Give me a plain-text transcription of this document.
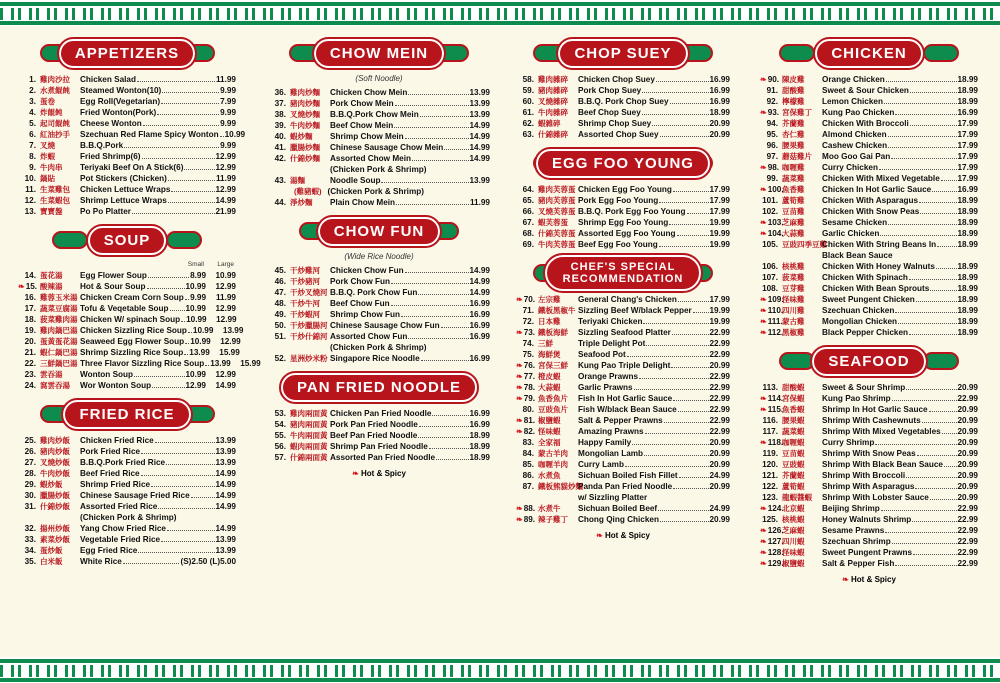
APPETIZERS
1. 雞肉沙拉	Chicken Salad	11.99
2. 水煮餛飩	Steamed Wonton(10)	9.99
3. 蛋卷	Egg Roll(Vegetarian)	7.99
4. 炸餛飩	Fried Wonton(Pork)	9.99
5. 起司餛飩	Cheese Wonton	9.99
6. 紅油抄手	Szechuan Red Flame Spicy Wonton 10.99
7. 叉燒	B.B.Q.Pork	9.99
8. 炸蝦	Fried Shrimp(6)	12.99
9. 牛肉串	Teriyaki Beef On A Stick(6)	12.99
10. 鍋貼	Pot Stickers (Chicken)	11.99
11. 生菜雞包	Chicken Lettuce Wraps	12.99
12. 生菜蝦包	Shrimp Lettuce Wraps	14.99
13. 寶寶盤	Po Po Platter	21.99
SOUP
Small	Large
14. 蛋花湯	Egg Flower Soup	8.99	10.99
❧15. 酸辣湯	Hot & Sour Soup	10.99	12.99
16. 雞蓉玉米湯 Chicken Cream Corn Soup 9.99	11.99
17. 蔬菜豆腐湯 Tofu & Veqetable Soup 10.99	12.99
18. 菠菜雞肉湯 Chicken W/ spinach Soup 10.99	12.99
19. 雞肉鍋巴湯 Chicken Sizzling Rice Soup 10.99	13.99
20. 蛋黃蛋花湯 Seaweed Egg Flower Soup 10.99	12.99
21. 蝦仁鍋巴湯 Shrimp Sizzling Rice Soup 13.99	15.99
22. 三鮮鍋巴湯 Three Flavor Sizzling Rice Soup 13.99	15.99
23. 雲吞湯	Wonton Soup	10.99	12.99
24. 窩雲吞湯	Wor Wonton Soup	12.99	14.99
FRIED RICE
25. 雞肉炒飯	Chicken Fried Rice	13.99
26. 豬肉炒飯	Pork Fried Rice	13.99
27. 叉燒炒飯	B.B.Q.Pork Fried Rice	13.99
28. 牛肉炒飯	Beef Fried Rice	14.99
29. 蝦炒飯	Shrimp Fried Rice	14.99
30. 臘腸炒飯	Chinese Sausage Fried Rice	14.99
31. 什錦炒飯	Assorted Fried Rice	14.99
(Chicken Pork & Shrimp)
32. 揚州炒飯	Yang Chow Fried Rice	14.99
33. 素菜炒飯	Vegetable Fried Rice	13.99
34. 蛋炒飯	Egg Fried Rice	13.99
35. 白米飯	White Rice	(S)2.50 (L)5.00
CHOW MEIN
(Soft Noodle)
36. 雞肉炒麵	Chicken Chow Mein	13.99
37. 豬肉炒麵	Pork Chow Mein	13.99
38. 叉燒炒麵	B.B.Q.Pork Chow Mein	13.99
39. 牛肉炒麵	Beef Chow Mein	14.99
40. 蝦炒麵	Shrimp Chow Mein	14.99
41. 臘腸炒麵	Chinese Sausage Chow Mein	14.99
42. 什錦炒麵	Assorted Chow Mein	14.99
(Chicken Pork & Shrimp)
43. 湯麵	Noodle Soup	13.99
(雞豬蝦) (Chicken Pork & Shrimp)
44. 淨炒麵	Plain Chow Mein	11.99
CHOW FUN
(Wide Rice Noodle)
45. 干炒雞河	Chicken Chow Fun	14.99
46. 干炒豬河	Pork Chow Fun	14.99
47. 干炒叉燒河 B.B.Q. Pork Chow Fun	14.99
48. 干炒牛河	Beef Chow Fun	16.99
49. 干炒蝦河	Shrimp Chow Fun	16.99
50. 干炒臘腸河 Chinese Sausage Chow Fun	16.99
51. 干炒什錦河 Assorted Chow Fun	16.99
(Chicken Pork & Shrimp)
52. 星洲炒米粉 Singapore Rice Noodle	16.99
PAN FRIED NOODLE
53. 雞肉兩面黃 Chicken Pan Fried Noodle	16.99
54. 豬肉兩面黃 Pork Pan Fried Noodle	16.99
55. 牛肉兩面黃 Beef Pan Fried Noodle	18.99
56. 蝦肉兩面黃 Shrimp Pan Fried Noodle	18.99
57. 什錦兩面黃 Assorted Pan Fried Noodle	18.99
❧ Hot & Spicy
CHOP SUEY
58. 雞肉雜碎	Chicken Chop Suey	16.99
59. 豬肉雜碎	Pork Chop Suey	16.99
60. 叉燒雜碎	B.B.Q. Pork Chop Suey	16.99
61. 牛肉雜碎	Beef Chop Suey	18.99
62. 蝦雜碎	Shrimp Chop Suey	20.99
63. 什錦雜碎	Assorted Chop Suey	20.99
EGG FOO YOUNG
64. 雞肉芙蓉蛋 Chicken Egg Foo Young	17.99
65. 豬肉芙蓉蛋 Pork Egg Foo Young	17.99
66. 叉燒芙蓉蛋 B.B.Q. Pork Egg Foo Young	17.99
67. 蝦芙蓉蛋	Shrimp Egg Foo Young	19.99
68. 什錦芙蓉蛋 Assorted Egg Foo Young	19.99
69. 牛肉芙蓉蛋 Beef Egg Foo Young	19.99
CHEF'S SPECIAL
RECOMMENDATION
❧70. 左宗雞	General Chang's Chicken	17.99
71. 鐵板黑椒牛 Sizzling Beef W/black Pepper 19.99
72. 日本雞	Teriyaki Chicken	19.99
❧73. 鐵板海鮮	Sizzling Seafood Platter	22.99
74. 三鮮	Triple Delight Pot	22.99
75. 海鮮煲	Seafood Pot	22.99
❧76. 宮保三鮮	Kung Pao Triple Delight	20.99
❧77. 橙皮蝦	Orange Prawns	22.99
❧78. 大蒜蝦	Garlic Prawns	22.99
❧79. 魚香魚片	Fish In Hot Garlic Sauce	22.99
80. 豆豉魚片	Fish W/black Bean Sauce	22.99
❧81. 椒鹽蝦	Salt & Pepper Prawns	22.99
❧82. 怪味蝦	Amazing Prawns	22.99
83. 全家福	Happy Family	20.99
84. 蒙古羊肉	Mongolian Lamb	20.99
85. 咖喱羊肉	Curry Lamb	20.99
86. 水煮魚	Sichuan Boiled Fish Fillet	24.99
87. 鐵板熊貓炒麵
Panda Pan Fried Noodle	20.99
w/ Sizzling Platter
❧88. 水煮牛	Sichuan Boiled Beef	24.99
❧89. 辣子雞丁	Chong Qing Chicken	20.99
❧ Hot & Spicy
CHICKEN
❧90. 陳皮雞	Orange Chicken	18.99
91. 甜酸雞	Sweet & Sour Chicken	18.99
92. 檸檬雞	Lemon Chicken	18.99
❧93. 宮保雞丁	Kung Pao Chicken	16.99
94. 芥蘭雞	Chicken With Broccoli	17.99
95. 杏仁雞	Almond Chicken	17.99
96. 腰果雞	Cashew Chicken	17.99
97. 蘑菇雞片	Moo Goo Gai Pan	17.99
❧98. 咖喱雞	Curry Chicken	17.99
99. 蔬菜雞	Chicken With Mixed Vegetable 17.99
❧100.
魚香雞	Chicken In Hot Garlic Sauce	16.99
101. 蘆筍雞	Chicken With Asparagus	18.99
102. 豆苗雞	Chicken With Snow Peas	18.99
❧103.
芝麻雞	Sesame Chicken	18.99
❧104.
大蒜雞	Garlic Chicken	18.99
105. 豆豉四季豆雞
Chicken With String Beans In	18.99
Black Bean Sauce
106. 核桃雞	Chicken With Honey Walnuts	18.99
107. 菠菜雞	Chicken With Spinach	18.99
108. 豆芽雞	Chicken With Bean Sprouts	18.99
❧109.
怪味雞	Sweet Pungent Chicken	18.99
❧110.
四川雞	Szechuan Chicken	18.99
❧111. 蒙古雞	Mongolian Chicken	18.99
❧112.
黑椒雞	Black Pepper Chicken	18.99
SEAFOOD
113. 甜酸蝦	Sweet & Sour Shrimp	20.99
❧114.
宮保蝦	Kung Pao Shrimp	22.99
❧115.
魚香蝦	Shrimp In Hot Garlic Sauce	20.99
116. 腰果蝦	Shrimp With Cashewnuts	20.99
117. 蔬菜蝦	Shrimp With Mixed Vegetables 20.99
❧118.
咖喱蝦	Curry Shrimp	20.99
119. 豆苗蝦	Shrimp With Snow Peas	20.99
120. 豆豉蝦	Shrimp With Black Bean Sauce 20.99
121. 芥蘭蝦	Shrimp With Broccoli	20.99
122. 蘆筍蝦	Shrimp With Asparagus	20.99
123. 龍蝦醬蝦	Shrimp With Lobster Sauce	20.99
❧124.
北京蝦	Beijing Shrimp	22.99
125. 核桃蝦	Honey Walnuts Shrimp	22.99
❧126.
芝麻蝦	Sesame Prawns	22.99
❧127.
四川蝦	Szechuan Shrimp	22.99
❧128.
怪味蝦	Sweet Pungent Prawns	22.99
❧129.
椒鹽蝦	Salt & Pepper Fish	22.99
❧ Hot & Spicy
